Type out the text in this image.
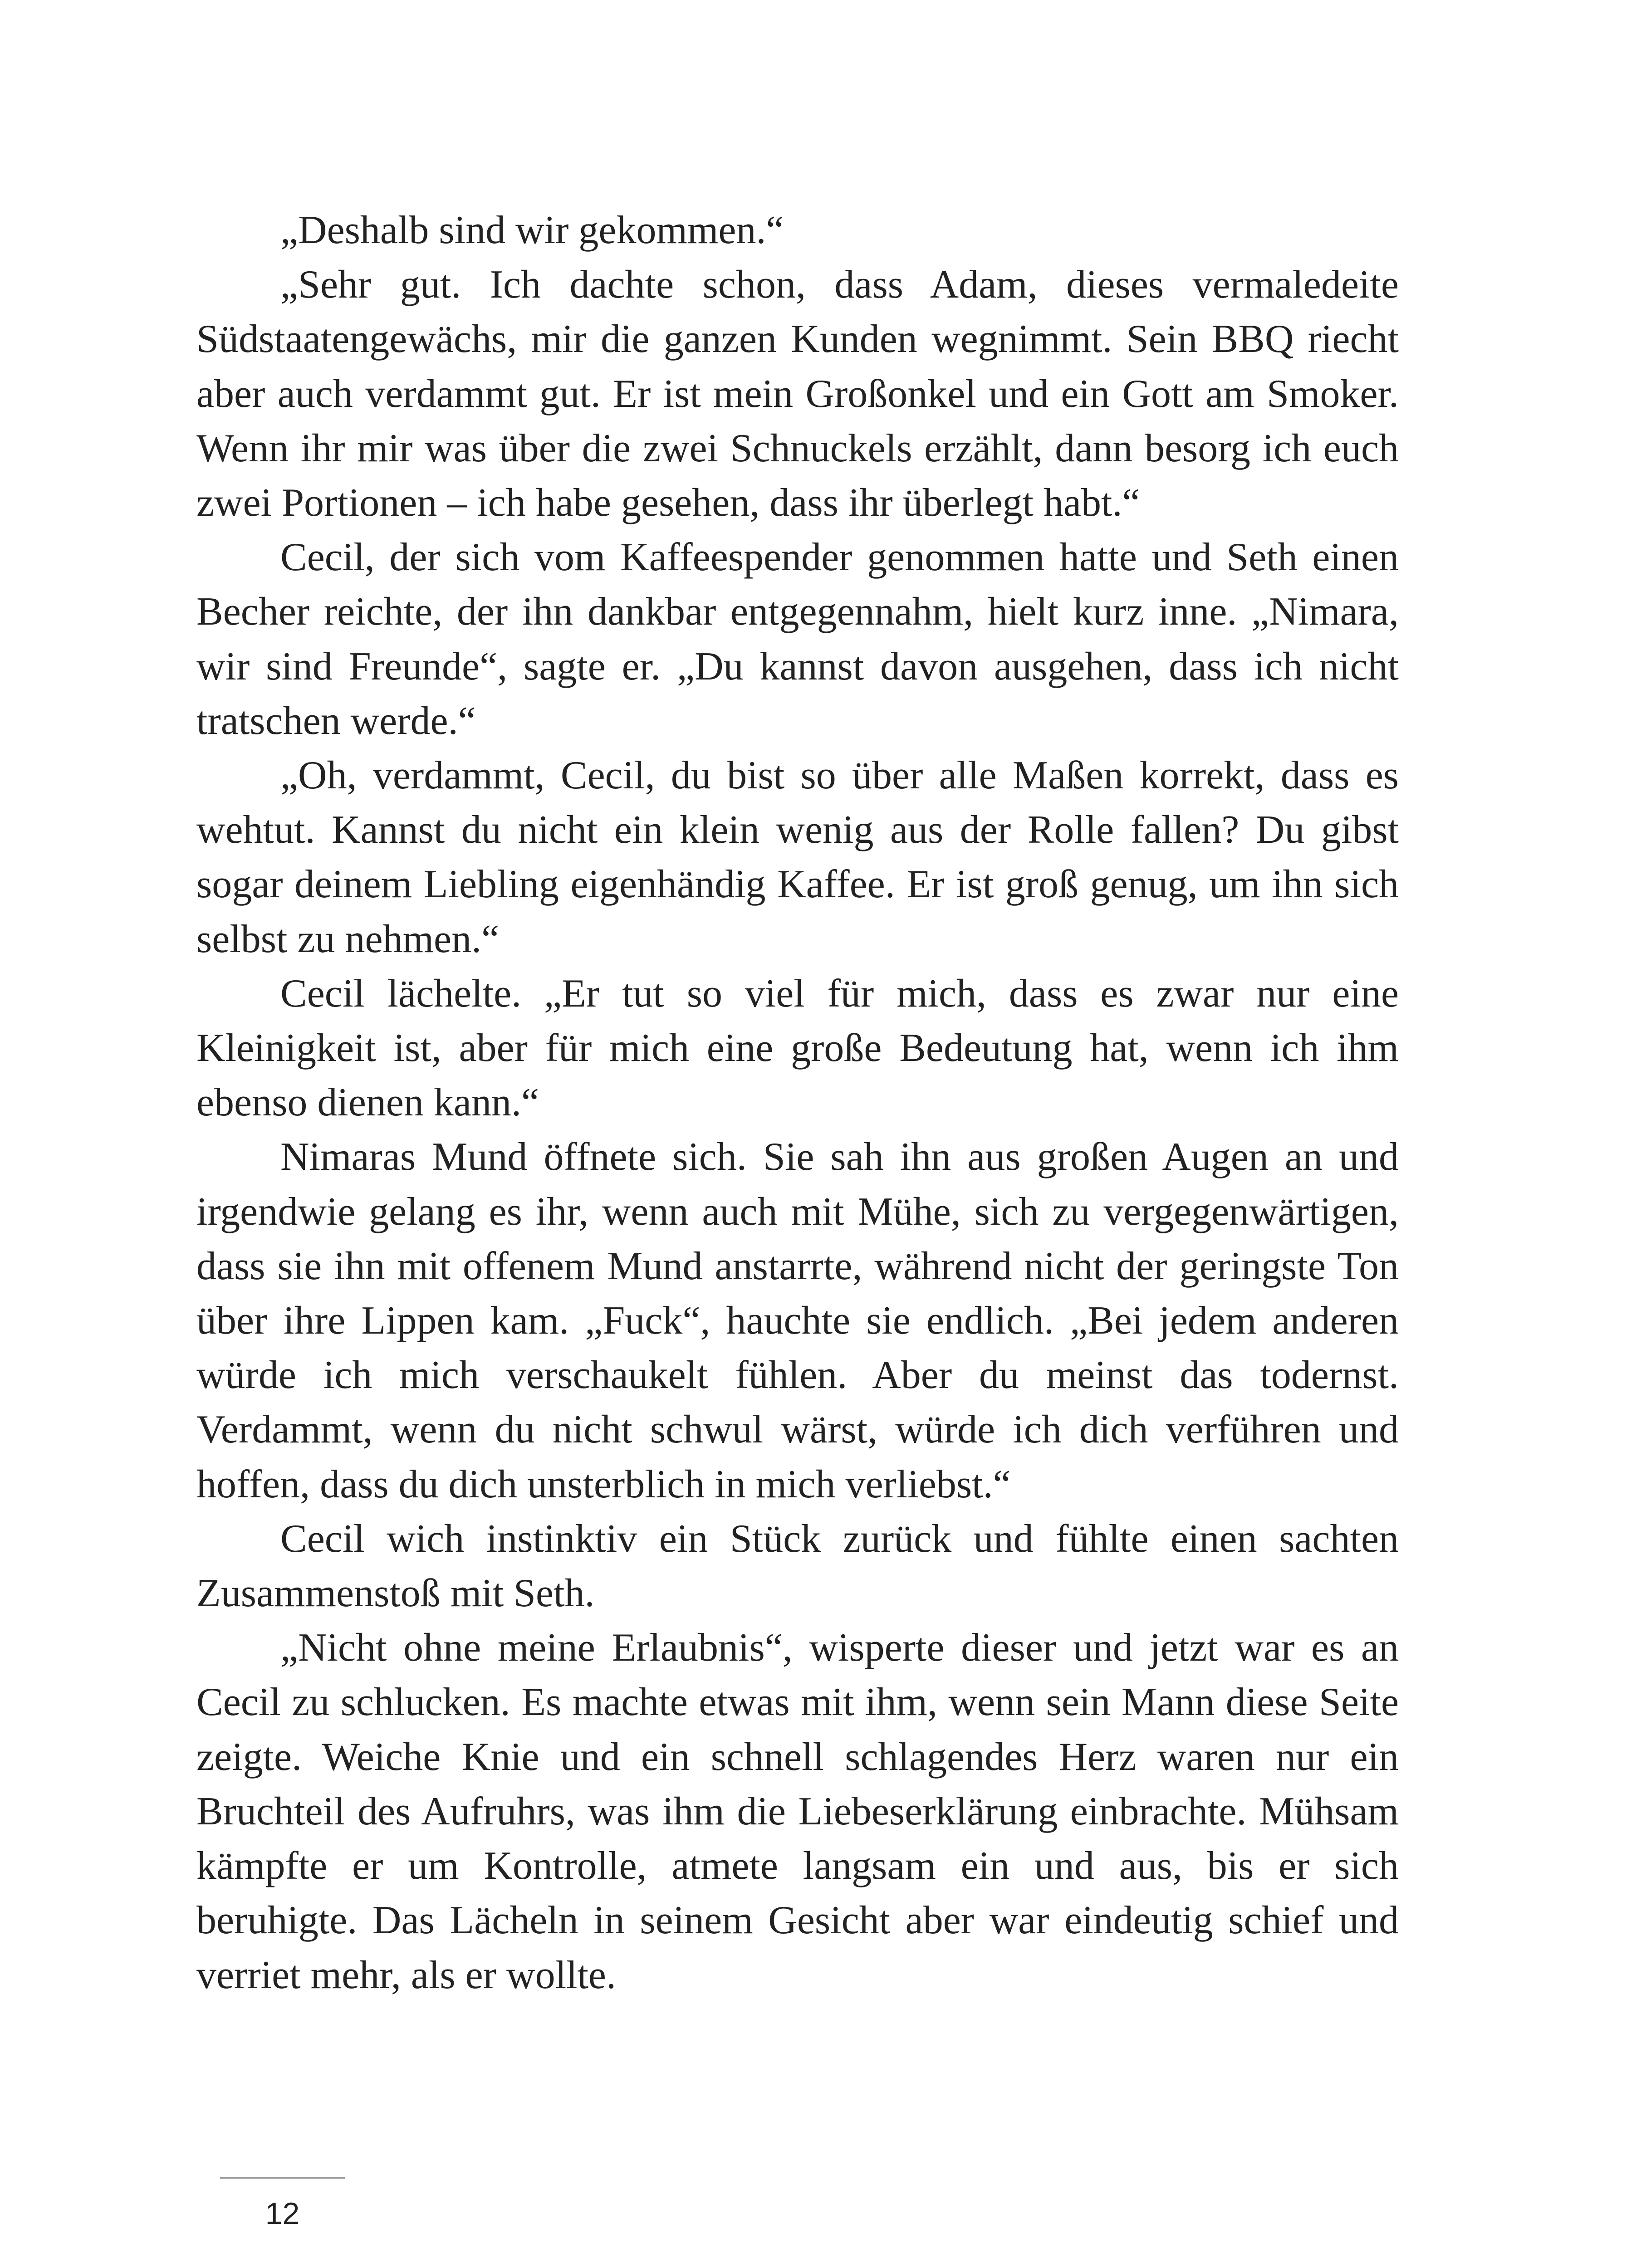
„Deshalb sind wir gekommen.“

„Sehr gut. Ich dachte schon, dass Adam, dieses vermaledeite Südstaatengewächs, mir die ganzen Kunden wegnimmt. Sein BBQ riecht aber auch verdammt gut. Er ist mein Großonkel und ein Gott am Smoker. Wenn ihr mir was über die zwei Schnuckels erzählt, dann besorg ich euch zwei Portionen – ich habe gesehen, dass ihr überlegt habt.“

Cecil, der sich vom Kaffeespender genommen hatte und Seth einen Becher reichte, der ihn dankbar entgegennahm, hielt kurz inne. „Nimara, wir sind Freunde“, sagte er. „Du kannst davon ausgehen, dass ich nicht tratschen werde.“

„Oh, verdammt, Cecil, du bist so über alle Maßen korrekt, dass es wehtut. Kannst du nicht ein klein wenig aus der Rolle fallen? Du gibst sogar deinem Liebling eigenhändig Kaffee. Er ist groß genug, um ihn sich selbst zu nehmen.“

Cecil lächelte. „Er tut so viel für mich, dass es zwar nur eine Kleinigkeit ist, aber für mich eine große Bedeutung hat, wenn ich ihm ebenso dienen kann.“

Nimaras Mund öffnete sich. Sie sah ihn aus großen Augen an und irgendwie gelang es ihr, wenn auch mit Mühe, sich zu vergegenwärtigen, dass sie ihn mit offenem Mund anstarrte, während nicht der geringste Ton über ihre Lippen kam. „Fuck“, hauchte sie endlich. „Bei jedem anderen würde ich mich verschaukelt fühlen. Aber du meinst das todernst. Verdammt, wenn du nicht schwul wärst, würde ich dich verführen und hoffen, dass du dich unsterblich in mich verliebst.“

Cecil wich instinktiv ein Stück zurück und fühlte einen sachten Zusammenstoß mit Seth.

„Nicht ohne meine Erlaubnis“, wisperte dieser und jetzt war es an Cecil zu schlucken. Es machte etwas mit ihm, wenn sein Mann diese Seite zeigte. Weiche Knie und ein schnell schlagendes Herz waren nur ein Bruchteil des Aufruhrs, was ihm die Liebeserklärung einbrachte. Mühsam kämpfte er um Kontrolle, atmete langsam ein und aus, bis er sich beruhigte. Das Lächeln in seinem Gesicht aber war eindeutig schief und verriet mehr, als er wollte.

12
